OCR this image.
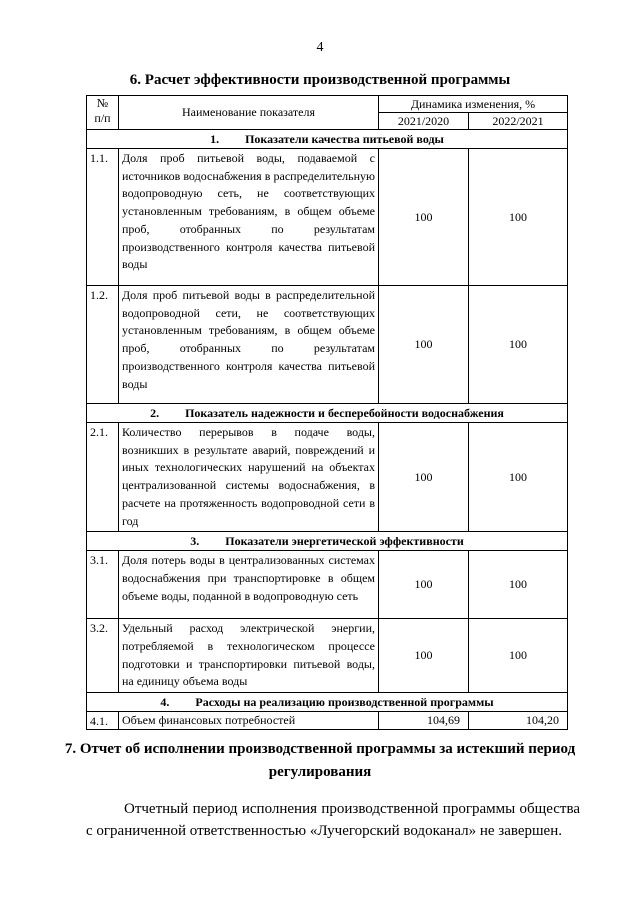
4
6. Расчет эффективности производственной программы
№
п/п	Наименование показателя	Динамика изменения, %	
		2021/2020	2022/2021
1. Показатели качества питьевой воды			
1.1.	Доля проб питьевой воды, подаваемой с источников водоснабжения в распределительную водопроводную сеть, не соответствующих установленным требованиям, в общем объеме проб, отобранных по результатам производственного контроля качества питьевой воды	100	100
1.2.	Доля проб питьевой воды в распределительной водопроводной сети, не соответствующих установленным требованиям, в общем объеме проб, отобранных по результатам производственного контроля качества питьевой воды	100	100
2. Показатель надежности и бесперебойности водоснабжения			
2.1.	Количество перерывов в подаче воды, возникших в результате аварий, повреждений и иных технологических нарушений на объектах централизованной системы водоснабжения, в расчете на протяженность водопроводной сети в год	100	100
3. Показатели энергетической эффективности			
3.1.	Доля потерь воды в централизованных системах водоснабжения при транспортировке в общем объеме воды, поданной в водопроводную сеть	100	100
3.2.	Удельный расход электрической энергии, потребляемой в технологическом процессе подготовки и транспортировки питьевой воды, на единицу объема воды	100	100
4. Расходы на реализацию производственной программы			
4.1.	Объем финансовых потребностей	104,69	104,20
7. Отчет об исполнении производственной программы за истекший период
регулирования
Отчетный период исполнения производственной программы общества с ограниченной ответственностью «Лучегорский водоканал» не завершен.
